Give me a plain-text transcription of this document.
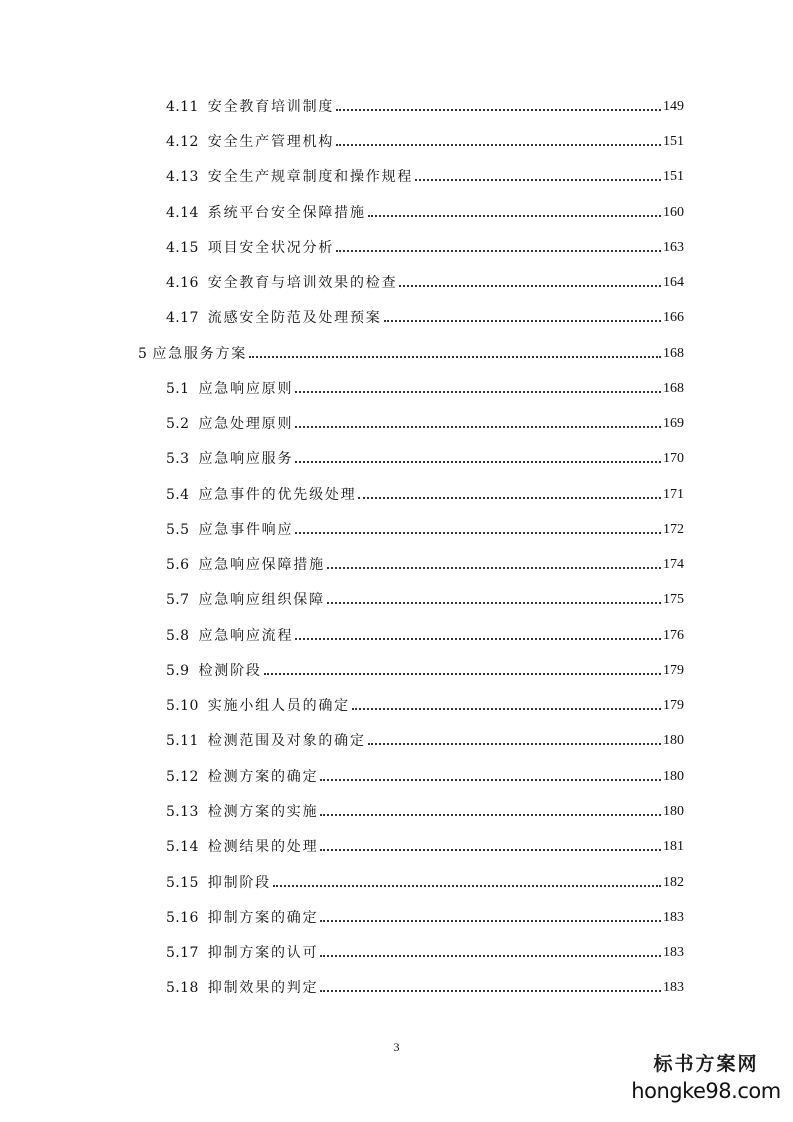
4.11 安全教育培训制度	149
4.12 安全生产管理机构	151
4.13 安全生产规章制度和操作规程	151
4.14 系统平台安全保障措施	160
4.15 项目安全状况分析	163
4.16 安全教育与培训效果的检查	164
4.17 流感安全防范及处理预案	166
5 应急服务方案	168
5.1 应急响应原则	168
5.2 应急处理原则	169
5.3 应急响应服务	170
5.4 应急事件的优先级处理	171
5.5 应急事件响应	172
5.6 应急响应保障措施	174
5.7 应急响应组织保障	175
5.8 应急响应流程	176
5.9 检测阶段	179
5.10 实施小组人员的确定	179
5.11 检测范围及对象的确定	180
5.12 检测方案的确定	180
5.13 检测方案的实施	180
5.14 检测结果的处理	181
5.15 抑制阶段	182
5.16 抑制方案的确定	183
5.17 抑制方案的认可	183
5.18 抑制效果的判定	183
3
标书方案网
hongke98.com
